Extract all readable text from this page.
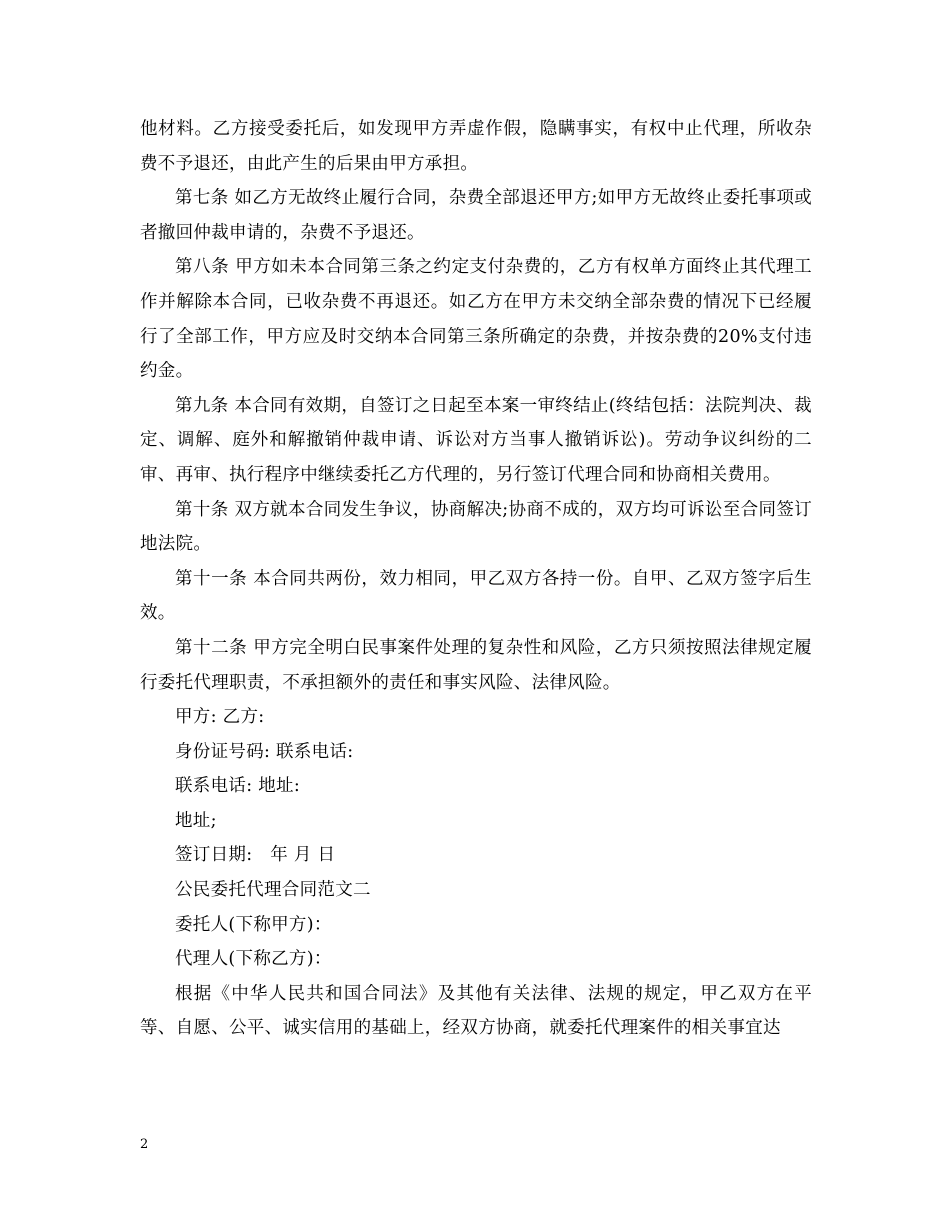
他材料。乙方接受委托后，如发现甲方弄虚作假，隐瞒事实，有权中止代理，所收杂费不予退还，由此产生的后果由甲方承担。

第七条 如乙方无故终止履行合同，杂费全部退还甲方;如甲方无故终止委托事项或者撤回仲裁申请的，杂费不予退还。

第八条 甲方如未本合同第三条之约定支付杂费的，乙方有权单方面终止其代理工作并解除本合同，已收杂费不再退还。如乙方在甲方未交纳全部杂费的情况下已经履行了全部工作，甲方应及时交纳本合同第三条所确定的杂费，并按杂费的20%支付违约金。

第九条 本合同有效期，自签订之日起至本案一审终结止(终结包括：法院判决、裁定、调解、庭外和解撤销仲裁申请、诉讼对方当事人撤销诉讼)。劳动争议纠纷的二审、再审、执行程序中继续委托乙方代理的，另行签订代理合同和协商相关费用。

第十条 双方就本合同发生争议，协商解决;协商不成的，双方均可诉讼至合同签订地法院。

第十一条 本合同共两份，效力相同，甲乙双方各持一份。自甲、乙双方签字后生效。

第十二条 甲方完全明白民事案件处理的复杂性和风险，乙方只须按照法律规定履行委托代理职责，不承担额外的责任和事实风险、法律风险。

甲方: 乙方:

身份证号码: 联系电话:

联系电话: 地址:

地址;

签订日期:　年 月 日

公民委托代理合同范文二

委托人(下称甲方)：

代理人(下称乙方)：

根据《中华人民共和国合同法》及其他有关法律、法规的规定，甲乙双方在平等、自愿、公平、诚实信用的基础上，经双方协商，就委托代理案件的相关事宜达

2
